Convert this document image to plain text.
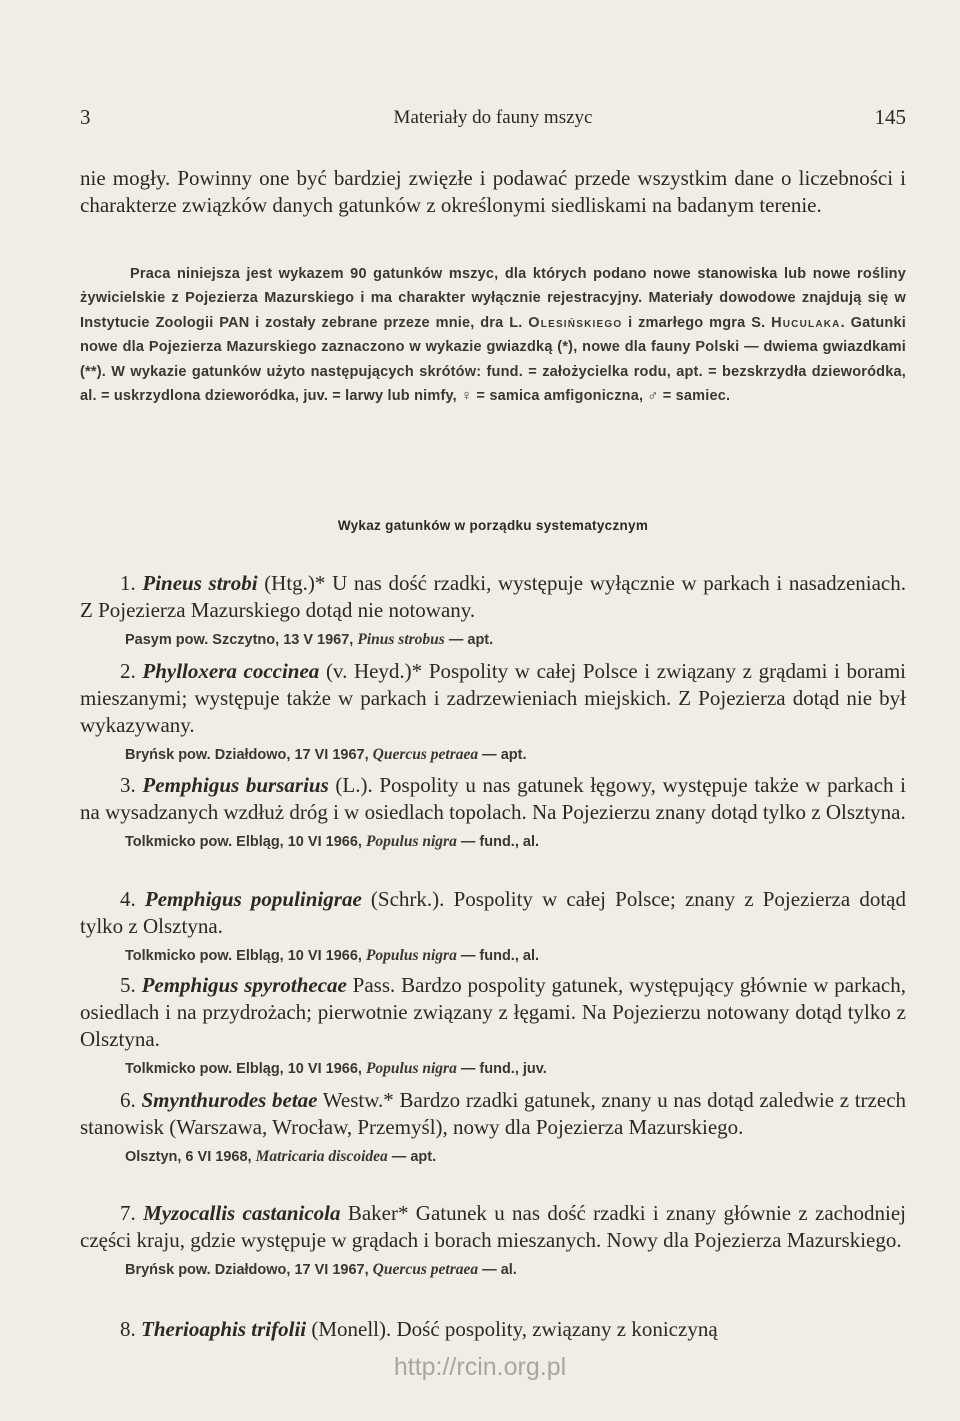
3	Materiały do fauny mszyc	145
nie mogły. Powinny one być bardziej zwięzłe i podawać przede wszystkim dane o liczebności i charakterze związków danych gatunków z określonymi siedliskami na badanym terenie.
Praca niniejsza jest wykazem 90 gatunków mszyc, dla których podano nowe stanowiska lub nowe rośliny żywicielskie z Pojezierza Mazurskiego i ma charakter wyłącznie rejestracyjny. Materiały dowodowe znajdują się w Instytucie Zoologii PAN i zostały zebrane przeze mnie, dra L. Olesińskiego i zmarłego mgra S. Huculaka. Gatunki nowe dla Pojezierza Mazurskiego zaznaczono w wykazie gwiazdką (*), nowe dla fauny Polski — dwiema gwiazdkami (**). W wykazie gatunków użyto następujących skrótów: fund. = założycielka rodu, apt. = bezskrzydła dzieworódka, al. = uskrzydlona dzieworódka, juv. = larwy lub nimfy, ♀ = samica amfigoniczna, ♂ = samiec.
Wykaz gatunków w porządku systematycznym
1. Pineus strobi (Htg.)* U nas dość rzadki, występuje wyłącznie w parkach i nasadzeniach. Z Pojezierza Mazurskiego dotąd nie notowany.
Pasym pow. Szczytno, 13 V 1967, Pinus strobus — apt.
2. Phylloxera coccinea (v. Heyd.)* Pospolity w całej Polsce i związany z grądami i borami mieszanymi; występuje także w parkach i zadrzewieniach miejskich. Z Pojezierza dotąd nie był wykazywany.
Bryńsk pow. Działdowo, 17 VI 1967, Quercus petraea — apt.
3. Pemphigus bursarius (L.). Pospolity u nas gatunek łęgowy, występuje także w parkach i na wysadzanych wzdłuż dróg i w osiedlach topolach. Na Pojezierzu znany dotąd tylko z Olsztyna.
Tolkmicko pow. Elbląg, 10 VI 1966, Populus nigra — fund., al.
4. Pemphigus populinigrae (Schrk.). Pospolity w całej Polsce; znany z Pojezierza dotąd tylko z Olsztyna.
Tolkmicko pow. Elbląg, 10 VI 1966, Populus nigra — fund., al.
5. Pemphigus spyrothecae Pass. Bardzo pospolity gatunek, występujący głównie w parkach, osiedlach i na przydrożach; pierwotnie związany z łęgami. Na Pojezierzu notowany dotąd tylko z Olsztyna.
Tolkmicko pow. Elbląg, 10 VI 1966, Populus nigra — fund., juv.
6. Smynthurodes betae Westw.* Bardzo rzadki gatunek, znany u nas dotąd zaledwie z trzech stanowisk (Warszawa, Wrocław, Przemyśl), nowy dla Pojezierza Mazurskiego.
Olsztyn, 6 VI 1968, Matricaria discoidea — apt.
7. Myzocallis castanicola Baker* Gatunek u nas dość rzadki i znany głównie z zachodniej części kraju, gdzie występuje w grądach i borach mieszanych. Nowy dla Pojezierza Mazurskiego.
Bryńsk pow. Działdowo, 17 VI 1967, Quercus petraea — al.
8. Therioaphis trifolii (Monell). Dość pospolity, związany z koniczyną
http://rcin.org.pl
